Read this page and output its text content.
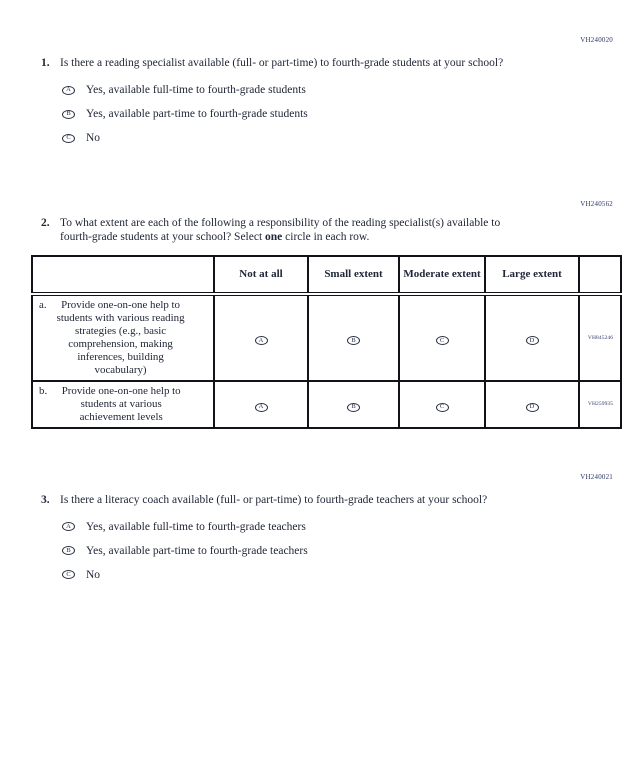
VH240020
1. Is there a reading specialist available (full- or part-time) to fourth-grade students at your school?
A	Yes, available full-time to fourth-grade students
B	Yes, available part-time to fourth-grade students
C	No
VH240562
2. To what extent are each of the following a responsibility of the reading specialist(s) available to fourth-grade students at your school? Select one circle in each row.
	Not at all	Small extent	Moderate extent	Large extent	

a. Provide one-on-one help to students with various reading strategies (e.g., basic comprehension, making inferences, building vocabulary)	A	B	C	D	VH845246

b. Provide one-on-one help to students at various achievement levels	A	B	C	D	VH259935
VH240021
3. Is there a literacy coach available (full- or part-time) to fourth-grade teachers at your school?
A	Yes, available full-time to fourth-grade teachers
B	Yes, available part-time to fourth-grade teachers
C	No
